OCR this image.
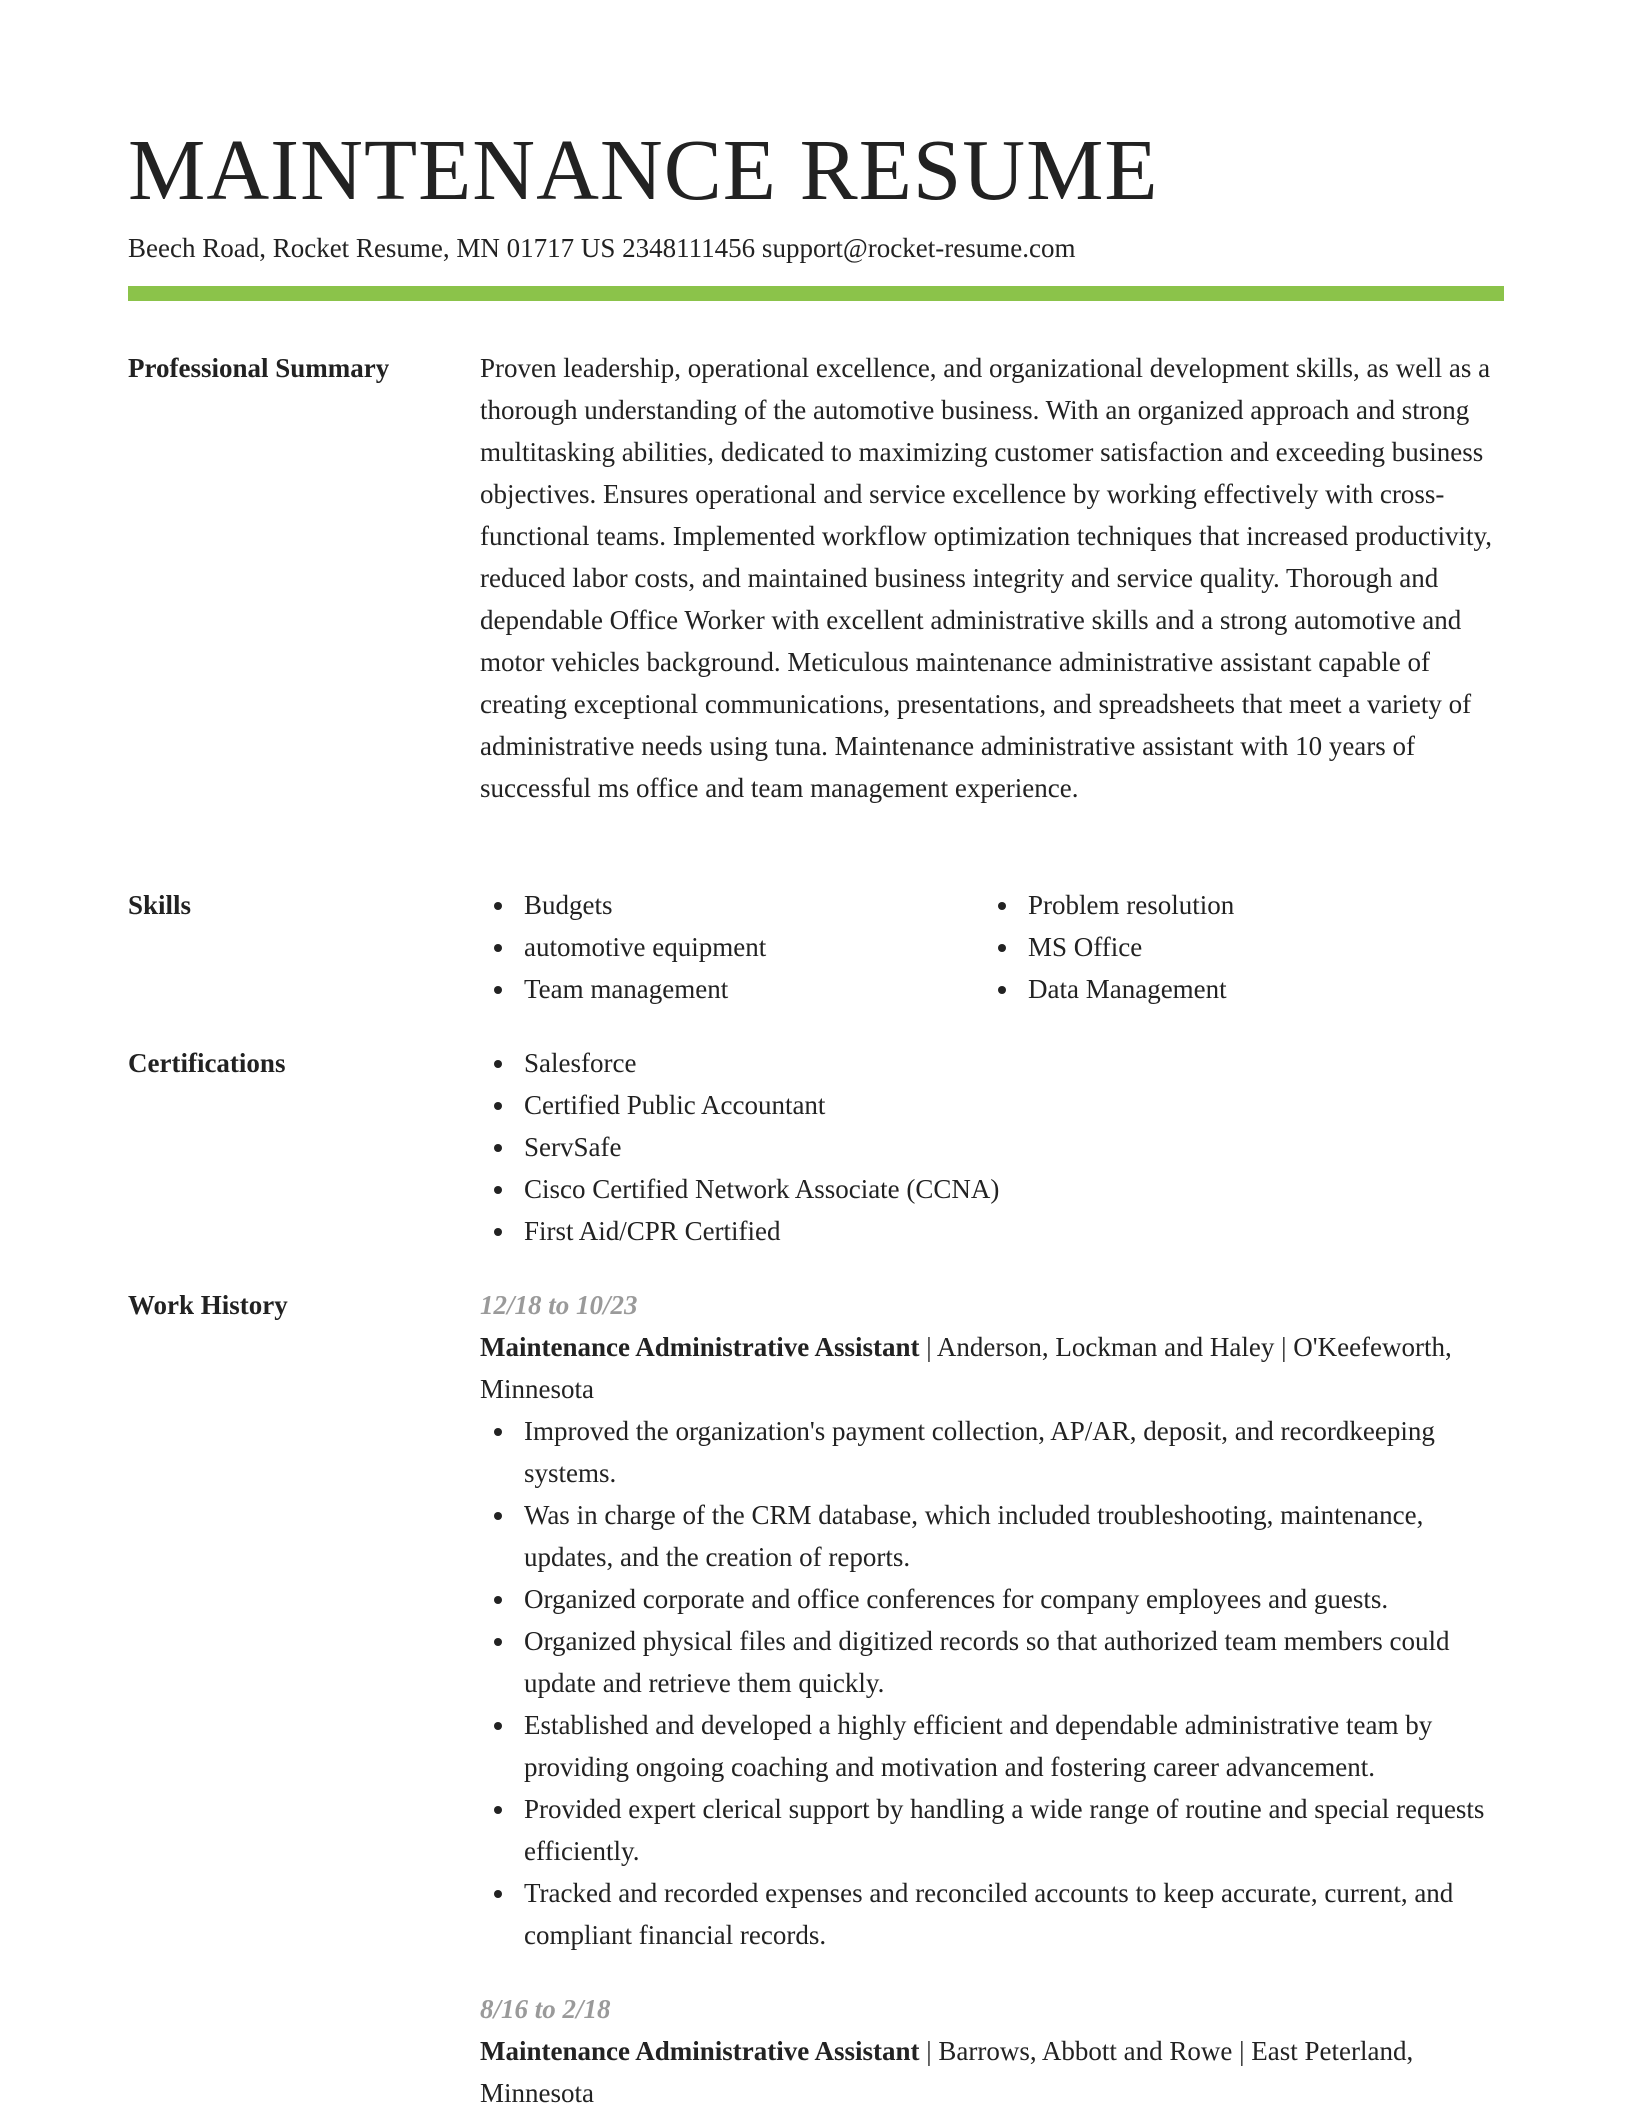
MAINTENANCE RESUME
Beech Road, Rocket Resume, MN 01717 US 2348111456 support@rocket-resume.com
Professional Summary	Proven leadership, operational excellence, and organizational development skills, as well as a thorough understanding of the automotive business. With an organized approach and strong multitasking abilities, dedicated to maximizing customer satisfaction and exceeding business objectives. Ensures operational and service excellence by working effectively with cross-functional teams. Implemented workflow optimization techniques that increased productivity, reduced labor costs, and maintained business integrity and service quality. Thorough and dependable Office Worker with excellent administrative skills and a strong automotive and motor vehicles background. Meticulous maintenance administrative assistant capable of creating exceptional communications, presentations, and spreadsheets that meet a variety of administrative needs using tuna. Maintenance administrative assistant with 10 years of successful ms office and team management experience.

Skills	Budgets
automotive equipment
Team management
Problem resolution
MS Office
Data Management
Certifications	Salesforce
Certified Public Accountant
ServSafe
Cisco Certified Network Associate (CCNA)
First Aid/CPR Certified
Work History	12/18 to 10/23
Maintenance Administrative Assistant | Anderson, Lockman and Haley | O'Keefeworth, Minnesota
Improved the organization's payment collection, AP/AR, deposit, and recordkeeping systems.
Was in charge of the CRM database, which included troubleshooting, maintenance, updates, and the creation of reports.
Organized corporate and office conferences for company employees and guests.
Organized physical files and digitized records so that authorized team members could update and retrieve them quickly.
Established and developed a highly efficient and dependable administrative team by providing ongoing coaching and motivation and fostering career advancement.
Provided expert clerical support by handling a wide range of routine and special requests efficiently.
Tracked and recorded expenses and reconciled accounts to keep accurate, current, and compliant financial records.
8/16 to 2/18
Maintenance Administrative Assistant | Barrows, Abbott and Rowe | East Peterland, Minnesota
